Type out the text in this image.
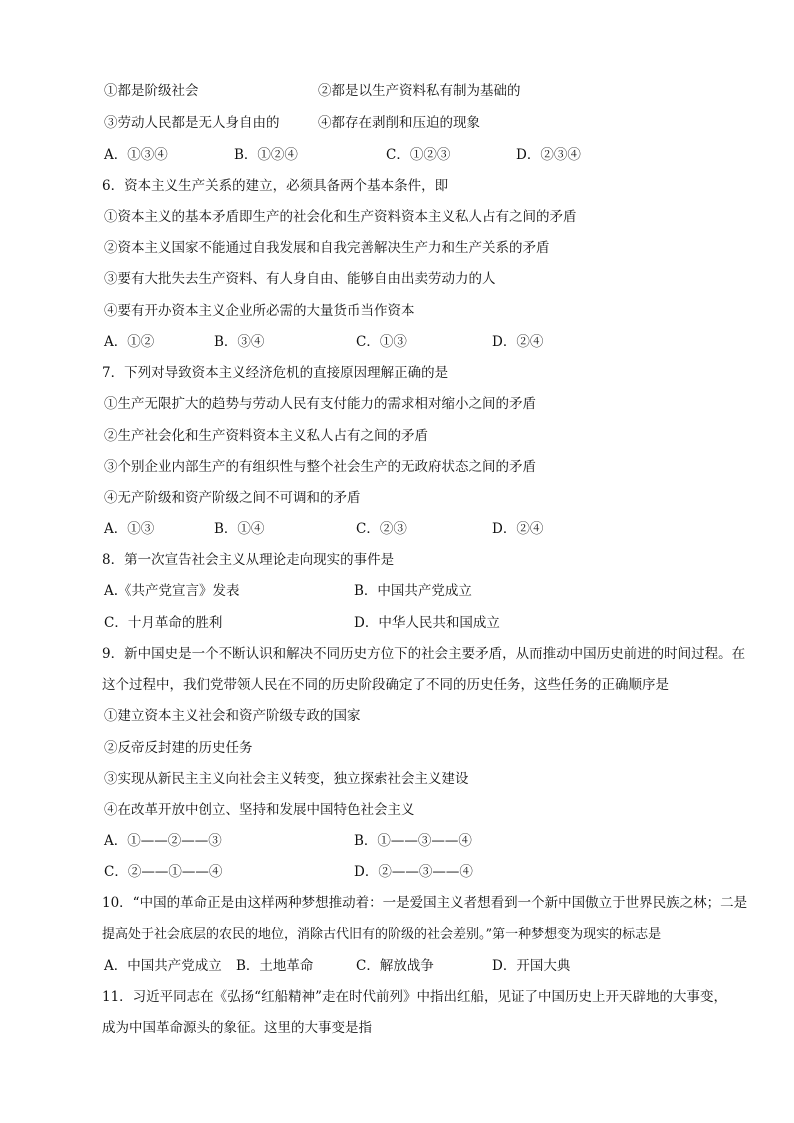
①都是阶级社会	②都是以生产资料私有制为基础的
③劳动人民都是无人身自由的	④都存在剥削和压迫的现象
A．①③④	B．①②④	C．①②③	D．②③④
6．资本主义生产关系的建立，必须具备两个基本条件，即
①资本主义的基本矛盾即生产的社会化和生产资料资本主义私人占有之间的矛盾
②资本主义国家不能通过自我发展和自我完善解决生产力和生产关系的矛盾
③要有大批失去生产资料、有人身自由、能够自由出卖劳动力的人
④要有开办资本主义企业所必需的大量货币当作资本
A．①②	B．③④	C．①③	D．②④
7．下列对导致资本主义经济危机的直接原因理解正确的是
①生产无限扩大的趋势与劳动人民有支付能力的需求相对缩小之间的矛盾
②生产社会化和生产资料资本主义私人占有之间的矛盾
③个别企业内部生产的有组织性与整个社会生产的无政府状态之间的矛盾
④无产阶级和资产阶级之间不可调和的矛盾
A．①③	B．①④	C．②③	D．②④
8．第一次宣告社会主义从理论走向现实的事件是
A.《共产党宣言》发表	B．中国共产党成立
C．十月革命的胜利	D．中华人民共和国成立
9．新中国史是一个不断认识和解决不同历史方位下的社会主要矛盾，从而推动中国历史前进的时间过程。在
这个过程中，我们党带领人民在不同的历史阶段确定了不同的历史任务，这些任务的正确顺序是
①建立资本主义社会和资产阶级专政的国家
②反帝反封建的历史任务
③实现从新民主主义向社会主义转变，独立探索社会主义建设
④在改革开放中创立、坚持和发展中国特色社会主义
A．①——②——③	B．①——③——④
C．②——①——④	D．②——③——④
10．“中国的革命正是由这样两种梦想推动着：一是爱国主义者想看到一个新中国傲立于世界民族之林；二是
提高处于社会底层的农民的地位，消除古代旧有的阶级的社会差别。”第一种梦想变为现实的标志是
A．中国共产党成立 B．土地革命	C．解放战争	D．开国大典
11．习近平同志在《弘扬“红船精神”走在时代前列》中指出红船，见证了中国历史上开天辟地的大事变，
成为中国革命源头的象征。这里的大事变是指
